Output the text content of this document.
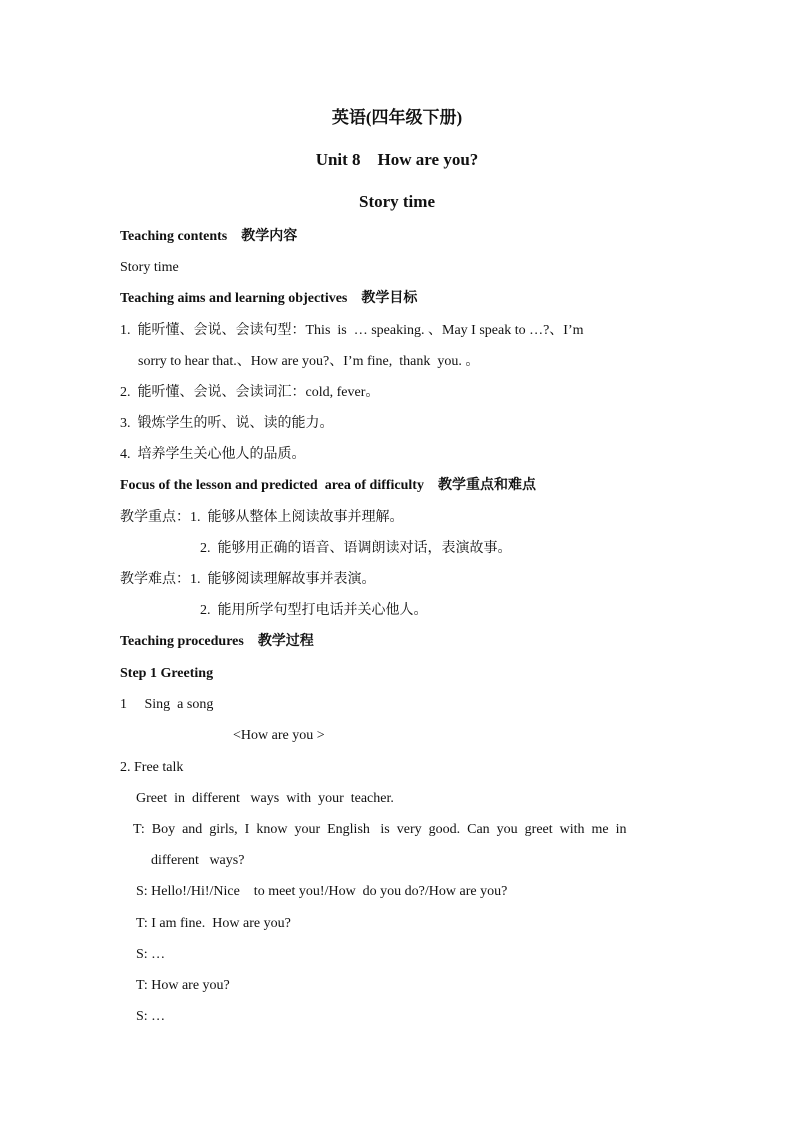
英语(四年级下册)
Unit 8    How are you?
Story time
Teaching contents 教学内容
Story time
Teaching aims and learning objectives 教学目标
1.  能听懂、会说、会读句型：This  is  … speaking. 、May I speak to …?、I’m
sorry to hear that.、How are you?、I’m fine,  thank  you. 。
2.  能听懂、会说、会读词汇：cold, fever。
3.  锻炼学生的听、说、读的能力。
4.  培养学生关心他人的品质。
Focus of the lesson and predicted  area of difficulty 教学重点和难点
教学重点：1.  能够从整体上阅读故事并理解。
2.  能够用正确的语音、语调朗读对话，表演故事。
教学难点：1.  能够阅读理解故事并表演。
2.  能用所学句型打电话并关心他人。
Teaching procedures 教学过程
Step 1 Greeting
1     Sing  a song
<How are you >
2. Free talk
Greet  in  different   ways  with  your  teacher.
T:  Boy  and  girls,  I  know  your  English   is  very  good.  Can  you  greet  with  me  in
different   ways?
S: Hello!/Hi!/Nice    to meet you!/How  do you do?/How are you?
T: I am fine.  How are you?
S: …
T: How are you?
S: …
